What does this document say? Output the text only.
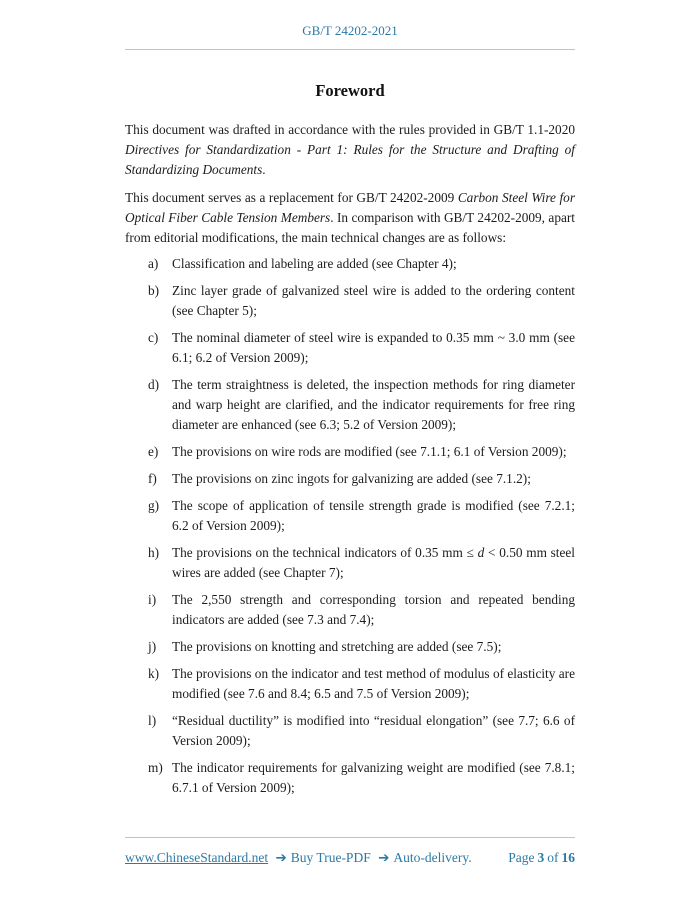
GB/T 24202-2021
Foreword

This document was drafted in accordance with the rules provided in GB/T 1.1-2020 Directives for Standardization - Part 1: Rules for the Structure and Drafting of Standardizing Documents.

This document serves as a replacement for GB/T 24202-2009 Carbon Steel Wire for Optical Fiber Cable Tension Members. In comparison with GB/T 24202-2009, apart from editorial modifications, the main technical changes are as follows:

a)	Classification and labeling are added (see Chapter 4);
b) Zinc layer grade of galvanized steel wire is added to the ordering content (see Chapter 5);
c)	The nominal diameter of steel wire is expanded to 0.35 mm ~ 3.0 mm (see 6.1; 6.2 of Version 2009);
d) The term straightness is deleted, the inspection methods for ring diameter and warp height are clarified, and the indicator requirements for free ring diameter are enhanced (see 6.3; 5.2 of Version 2009);
e)	The provisions on wire rods are modified (see 7.1.1; 6.1 of Version 2009);
f)	The provisions on zinc ingots for galvanizing are added (see 7.1.2);
g) The scope of application of tensile strength grade is modified (see 7.2.1; 6.2 of Version 2009);
h) The provisions on the technical indicators of 0.35 mm ≤ d < 0.50 mm steel wires are added (see Chapter 7);
i)	The 2,550 strength and corresponding torsion and repeated bending indicators are added (see 7.3 and 7.4);
j)	The provisions on knotting and stretching are added (see 7.5);
k) The provisions on the indicator and test method of modulus of elasticity are modified (see 7.6 and 8.4; 6.5 and 7.5 of Version 2009);
l)	“Residual ductility” is modified into “residual elongation” (see 7.7; 6.6 of Version 2009);
m) The indicator requirements for galvanizing weight are modified (see 7.8.1; 6.7.1 of Version 2009);
www.ChineseStandard.net ➔ Buy True-PDF ➔ Auto-delivery.	Page 3 of 16
